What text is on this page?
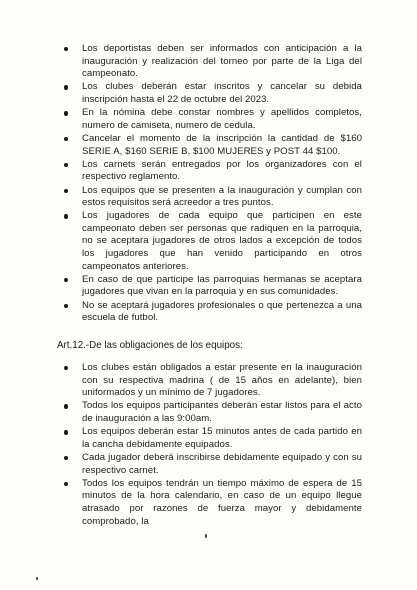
Los deportistas deben ser informados con anticipación a la inauguración y realización del torneo por parte de la Liga del campeonato.
Los clubes deberán estar inscritos y cancelar su debida inscripción hasta el 22 de octubre del 2023.
En la nómina debe constar nombres y apellidos completos, numero de camiseta, numero de cedula.
Cancelar el momento de la inscripción la cantidad de $160 SERIE A, $160 SERIE B, $100 MUJERES y POST 44 $100.
Los carnets serán entregados por los organizadores con el respectivo reglamento.
Los equipos que se presenten a la inauguración y cumplan con estos requisitos será acreedor a tres puntos.
Los jugadores de cada equipo que participen en este campeonato deben ser personas que radiquen en la parroquia, no se aceptara jugadores de otros lados a excepción de todos los jugadores que han venido participando en otros campeonatos anteriores.
En caso de que participe las parroquias hermanas se aceptara jugadores que vivan en la parroquia y en sus comunidades.
No se aceptará jugadores profesionales o que pertenezca a una escuela de futbol.
Art.12.-De las obligaciones de los equipos:
Los clubes están obligados a estar presente en la inauguración con su respectiva madrina ( de 15 años en adelante), bien uniformados y un mínimo de 7 jugadores.
Todos los equipos participantes deberán estar listos para el acto de inauguración a las 9:00am.
Los equipos deberán estar 15 minutos antes de cada partido en la cancha debidamente equipados.
Cada jugador deberá inscribirse debidamente equipado y con su respectivo carnet.
Todos los equipos tendrán un tiempo máximo de espera de 15 minutos de la hora calendario, en caso de un equipo llegue atrasado por razones de fuerza mayor y debidamente comprobado, la
